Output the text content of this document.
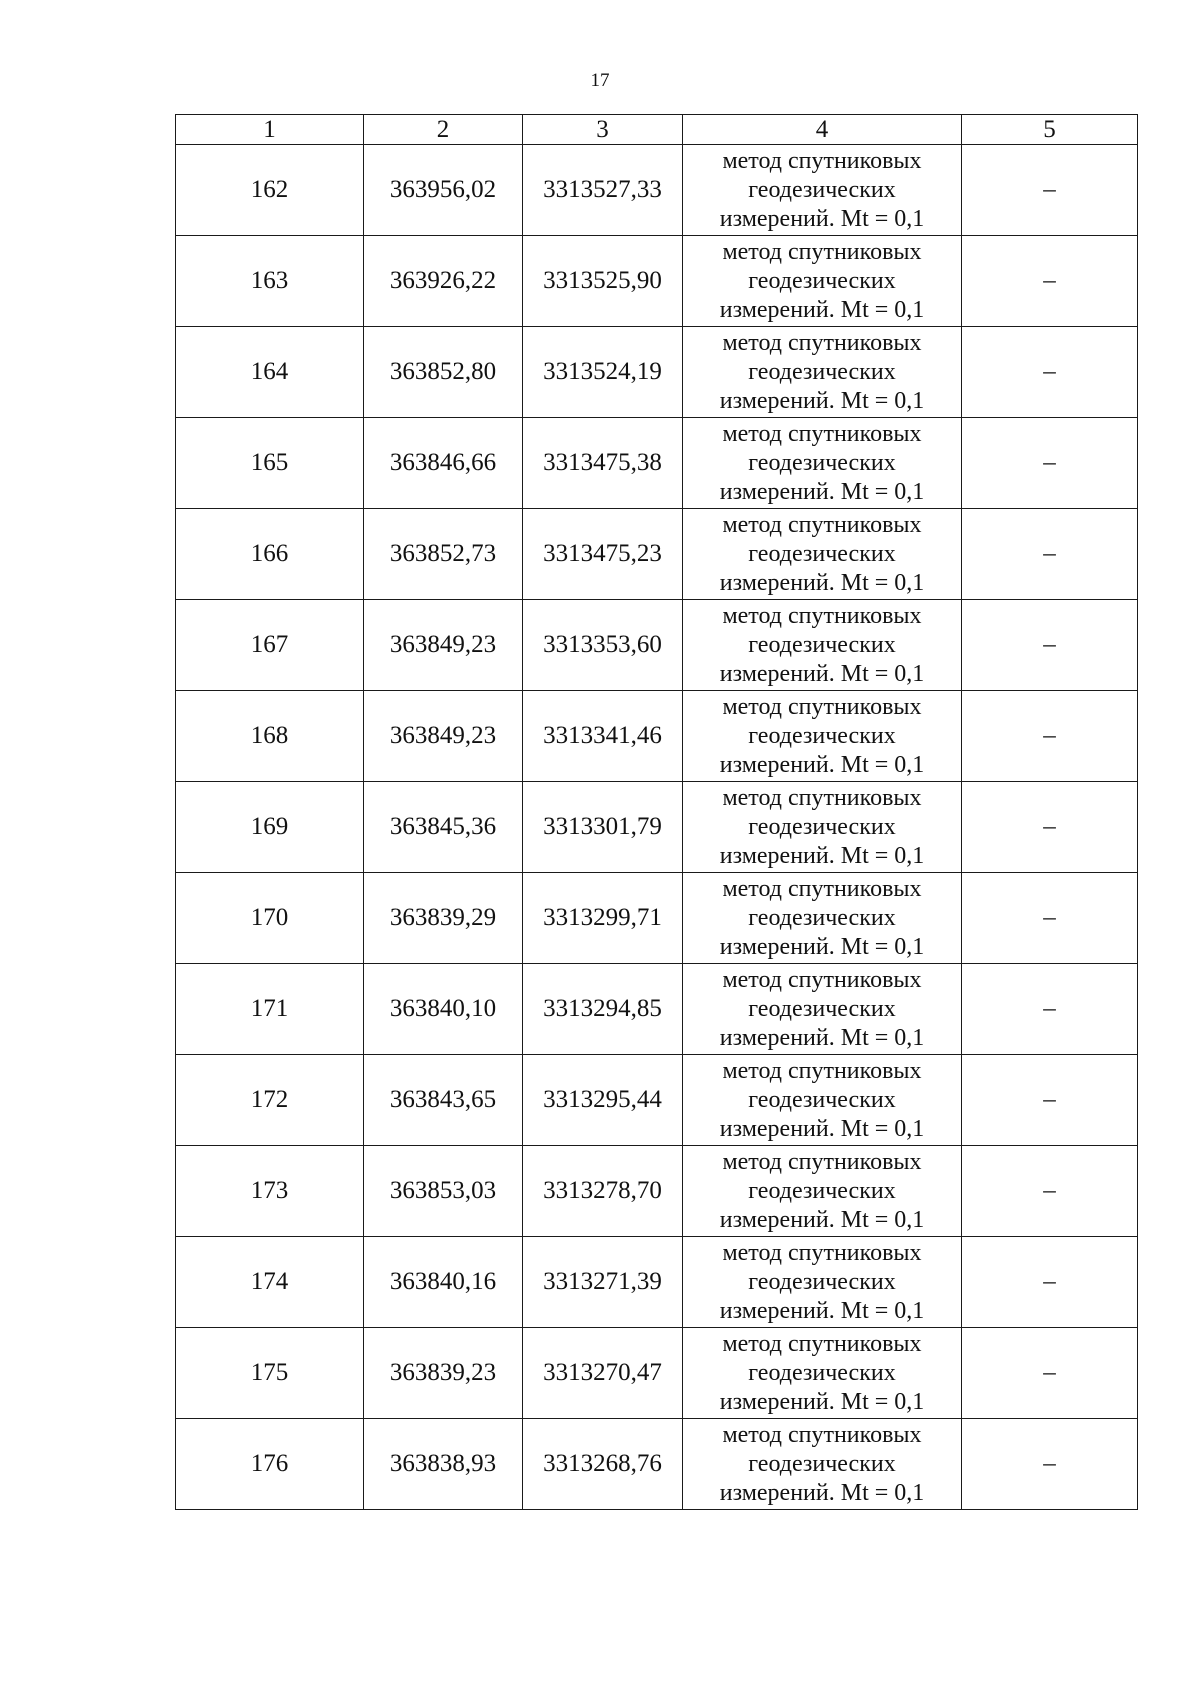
17
1	2	3	4	5
162	363956,02	3313527,33	метод спутниковых
геодезических
измерений. Mt = 0,1	–
163	363926,22	3313525,90	метод спутниковых
геодезических
измерений. Mt = 0,1	–
164	363852,80	3313524,19	метод спутниковых
геодезических
измерений. Mt = 0,1	–
165	363846,66	3313475,38	метод спутниковых
геодезических
измерений. Mt = 0,1	–
166	363852,73	3313475,23	метод спутниковых
геодезических
измерений. Mt = 0,1	–
167	363849,23	3313353,60	метод спутниковых
геодезических
измерений. Mt = 0,1	–
168	363849,23	3313341,46	метод спутниковых
геодезических
измерений. Mt = 0,1	–
169	363845,36	3313301,79	метод спутниковых
геодезических
измерений. Mt = 0,1	–
170	363839,29	3313299,71	метод спутниковых
геодезических
измерений. Mt = 0,1	–
171	363840,10	3313294,85	метод спутниковых
геодезических
измерений. Mt = 0,1	–
172	363843,65	3313295,44	метод спутниковых
геодезических
измерений. Mt = 0,1	–
173	363853,03	3313278,70	метод спутниковых
геодезических
измерений. Mt = 0,1	–
174	363840,16	3313271,39	метод спутниковых
геодезических
измерений. Mt = 0,1	–
175	363839,23	3313270,47	метод спутниковых
геодезических
измерений. Mt = 0,1	–
176	363838,93	3313268,76	метод спутниковых
геодезических
измерений. Mt = 0,1	–
